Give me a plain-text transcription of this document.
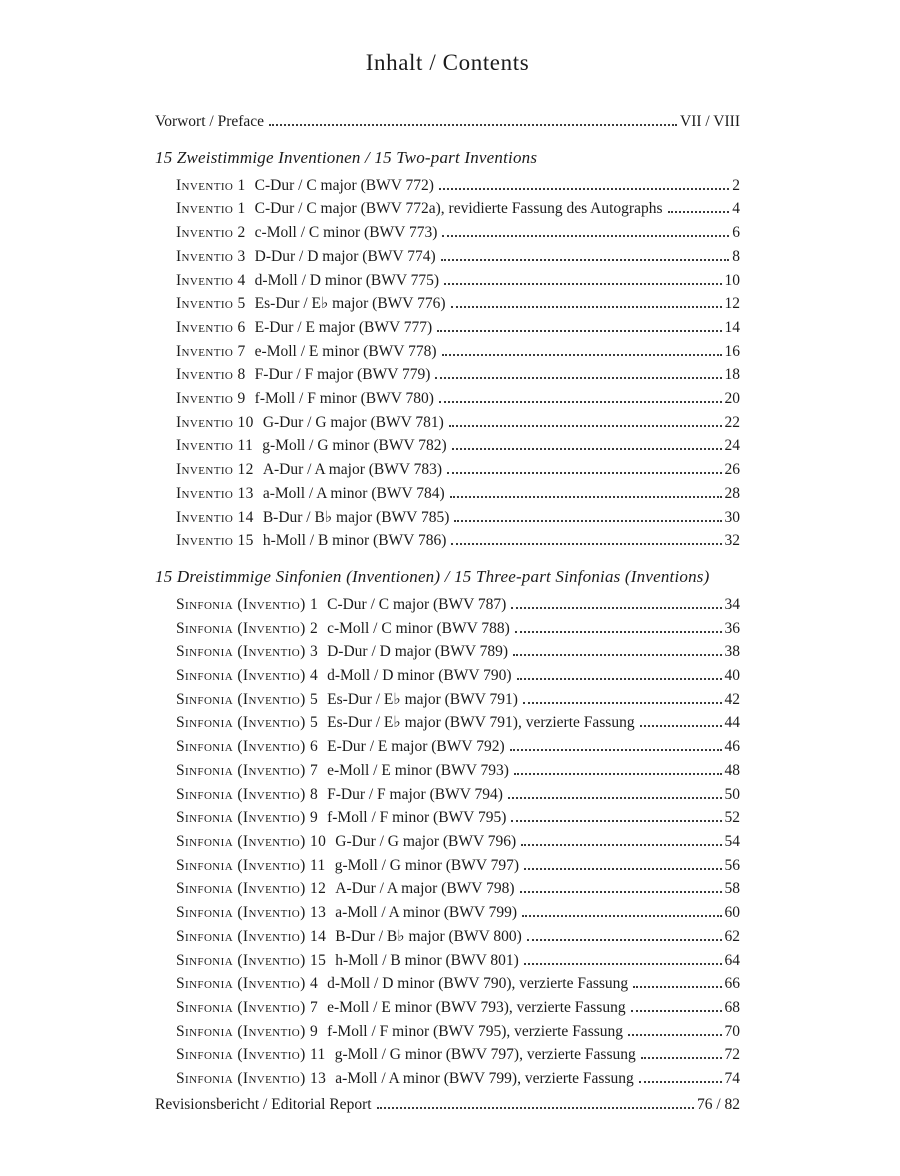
Inhalt / Contents
Vorwort / Preface	VII / VIII
15 Zweistimmige Inventionen / 15 Two-part Inventions
Inventio 1 C-Dur / C major (BWV 772)	2
Inventio 1 C-Dur / C major (BWV 772a), revidierte Fassung des Autographs	4
Inventio 2 c-Moll / C minor (BWV 773)	6
Inventio 3 D-Dur / D major (BWV 774)	8
Inventio 4 d-Moll / D minor (BWV 775)	10
Inventio 5 Es-Dur / E♭ major (BWV 776)	12
Inventio 6 E-Dur / E major (BWV 777)	14
Inventio 7 e-Moll / E minor (BWV 778)	16
Inventio 8 F-Dur / F major (BWV 779)	18
Inventio 9 f-Moll / F minor (BWV 780)	20
Inventio 10 G-Dur / G major (BWV 781)	22
Inventio 11 g-Moll / G minor (BWV 782)	24
Inventio 12 A-Dur / A major (BWV 783)	26
Inventio 13 a-Moll / A minor (BWV 784)	28
Inventio 14 B-Dur / B♭ major (BWV 785)	30
Inventio 15 h-Moll / B minor (BWV 786)	32
15 Dreistimmige Sinfonien (Inventionen) / 15 Three-part Sinfonias (Inventions)
Sinfonia (Inventio) 1 C-Dur / C major (BWV 787)	34
Sinfonia (Inventio) 2 c-Moll / C minor (BWV 788)	36
Sinfonia (Inventio) 3 D-Dur / D major (BWV 789)	38
Sinfonia (Inventio) 4 d-Moll / D minor (BWV 790)	40
Sinfonia (Inventio) 5 Es-Dur / E♭ major (BWV 791)	42
Sinfonia (Inventio) 5 Es-Dur / E♭ major (BWV 791), verzierte Fassung	44
Sinfonia (Inventio) 6 E-Dur / E major (BWV 792)	46
Sinfonia (Inventio) 7 e-Moll / E minor (BWV 793)	48
Sinfonia (Inventio) 8 F-Dur / F major (BWV 794)	50
Sinfonia (Inventio) 9 f-Moll / F minor (BWV 795)	52
Sinfonia (Inventio) 10 G-Dur / G major (BWV 796)	54
Sinfonia (Inventio) 11 g-Moll / G minor (BWV 797)	56
Sinfonia (Inventio) 12 A-Dur / A major (BWV 798)	58
Sinfonia (Inventio) 13 a-Moll / A minor (BWV 799)	60
Sinfonia (Inventio) 14 B-Dur / B♭ major (BWV 800)	62
Sinfonia (Inventio) 15 h-Moll / B minor (BWV 801)	64
Sinfonia (Inventio) 4 d-Moll / D minor (BWV 790), verzierte Fassung	66
Sinfonia (Inventio) 7 e-Moll / E minor (BWV 793), verzierte Fassung	68
Sinfonia (Inventio) 9 f-Moll / F minor (BWV 795), verzierte Fassung	70
Sinfonia (Inventio) 11 g-Moll / G minor (BWV 797), verzierte Fassung	72
Sinfonia (Inventio) 13 a-Moll / A minor (BWV 799), verzierte Fassung	74
Revisionsbericht / Editorial Report	76 / 82
